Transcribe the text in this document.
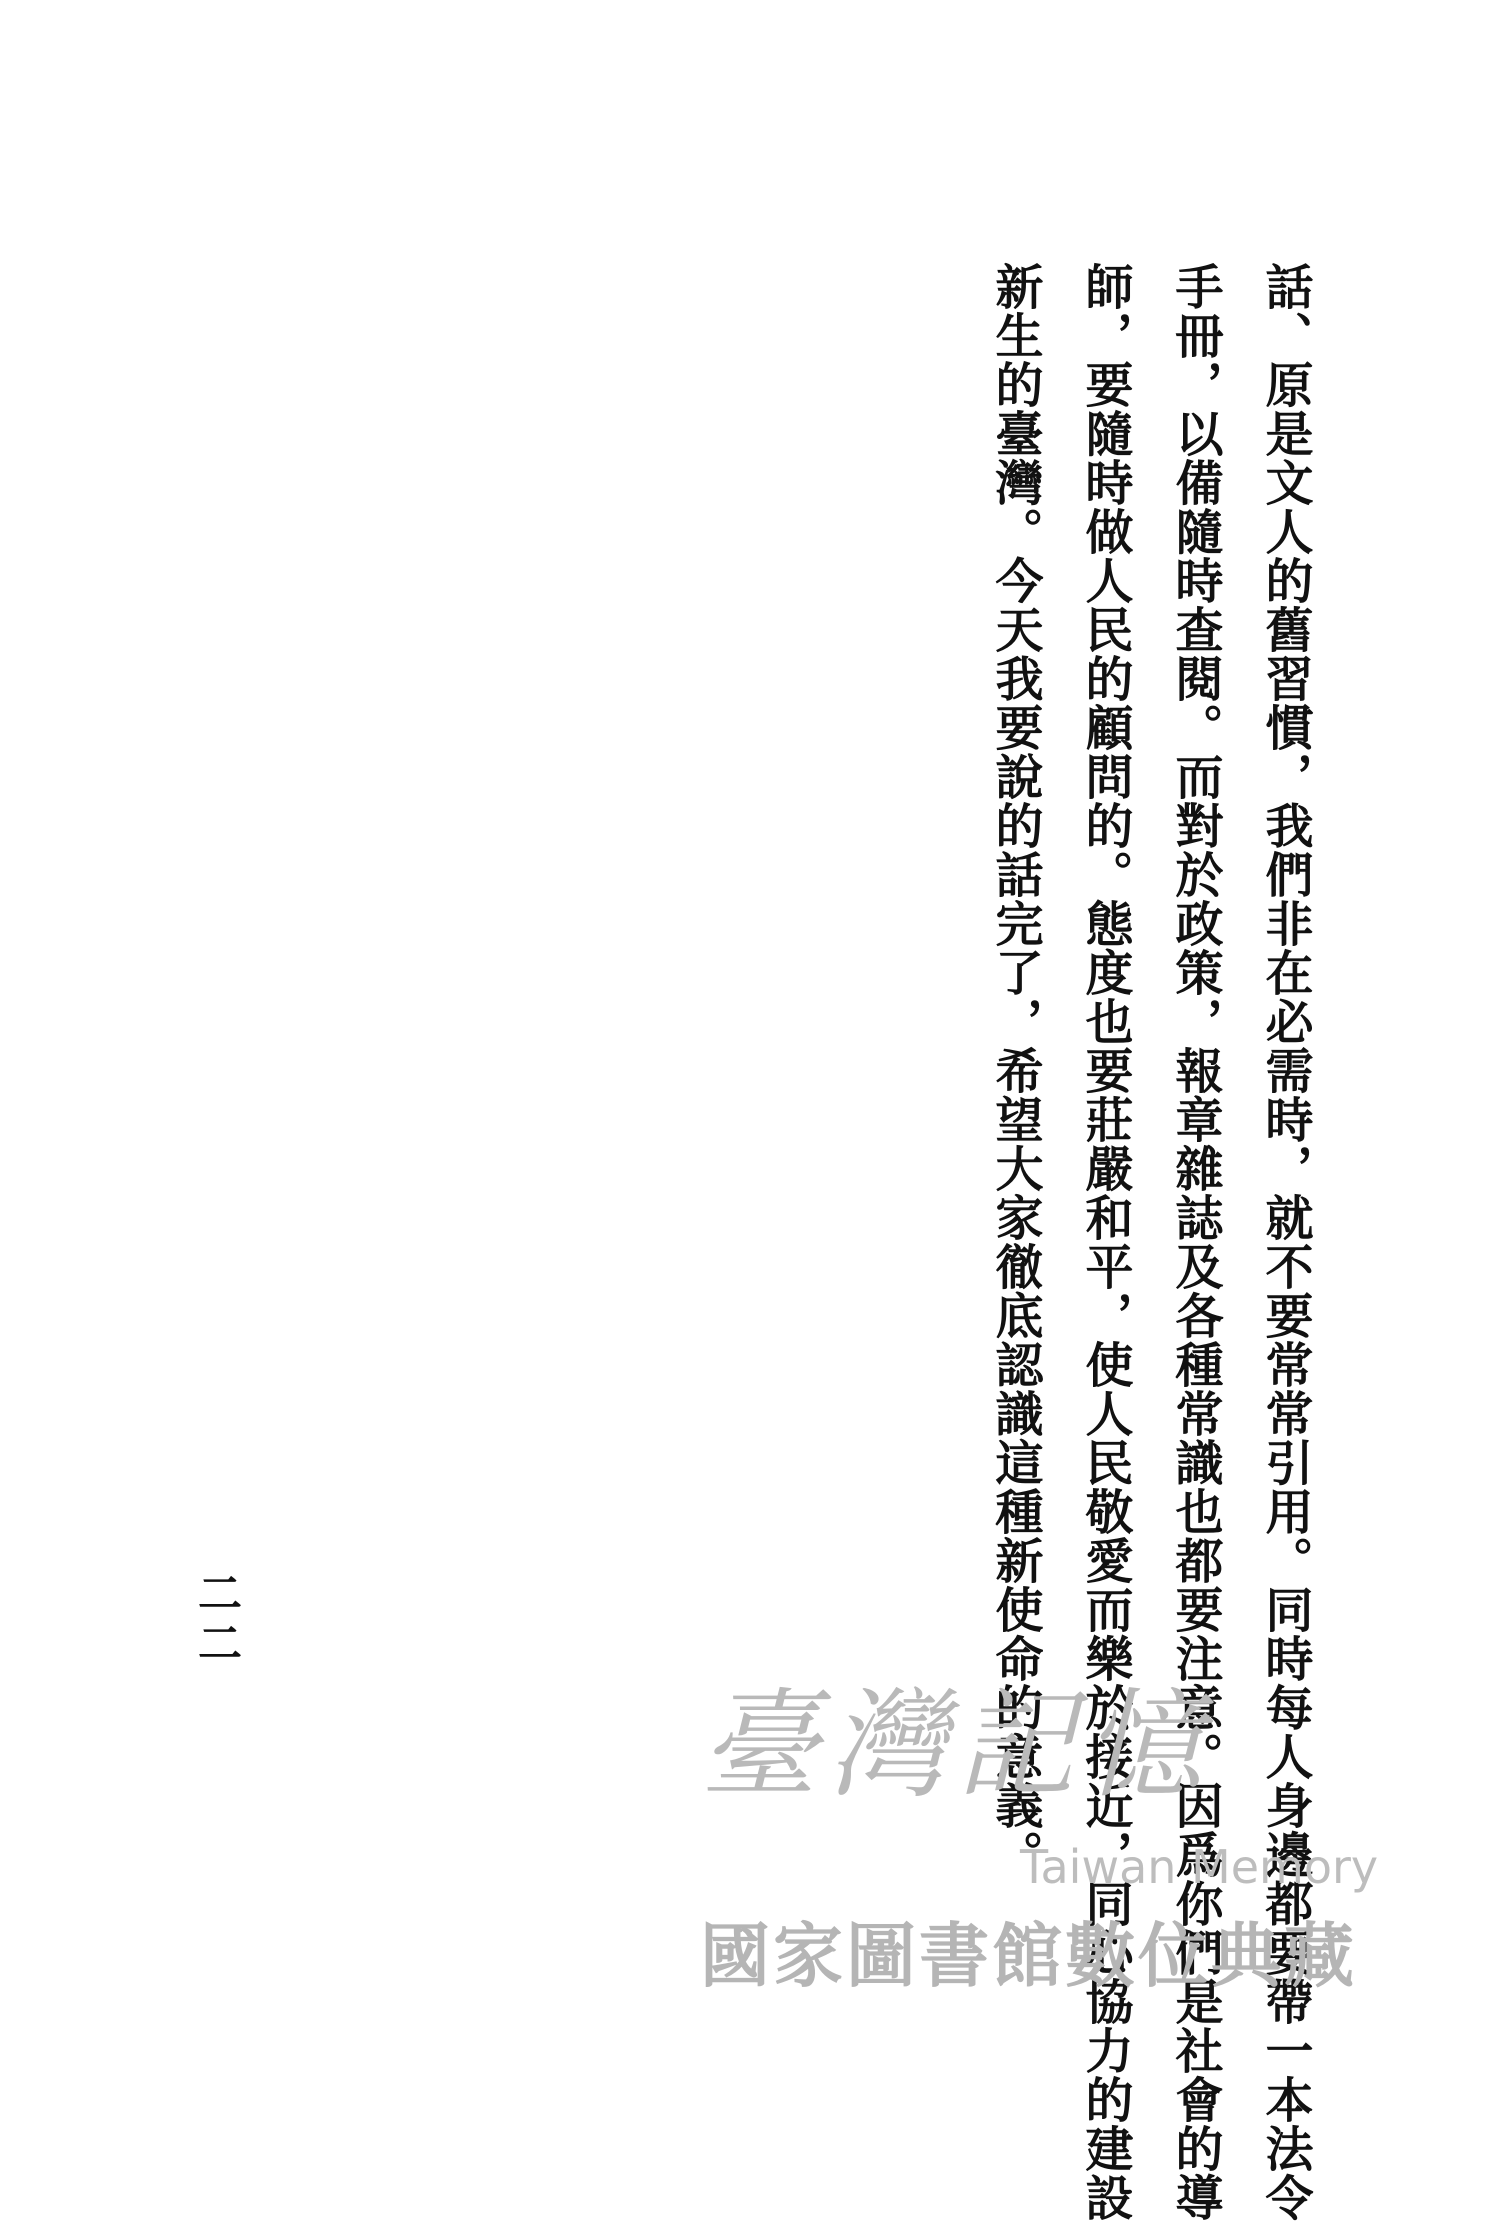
話、原是文人的舊習慣，我們非在必需時，就不要常常引用。同時每人身邊都要帶一本法令

手冊，以備隨時查閱。而對於政策，報章雜誌及各種常識也都要注意。因爲你們是社會的導

師，要隨時做人民的顧問的。態度也要莊嚴和平，使人民敬愛而樂於接近，同心協力的建設

新生的臺灣。今天我要說的話完了，希望大家徹底認識這種新使命的意義。

二二
臺灣記憶
Taiwan Memory
國家圖書館數位典藏
